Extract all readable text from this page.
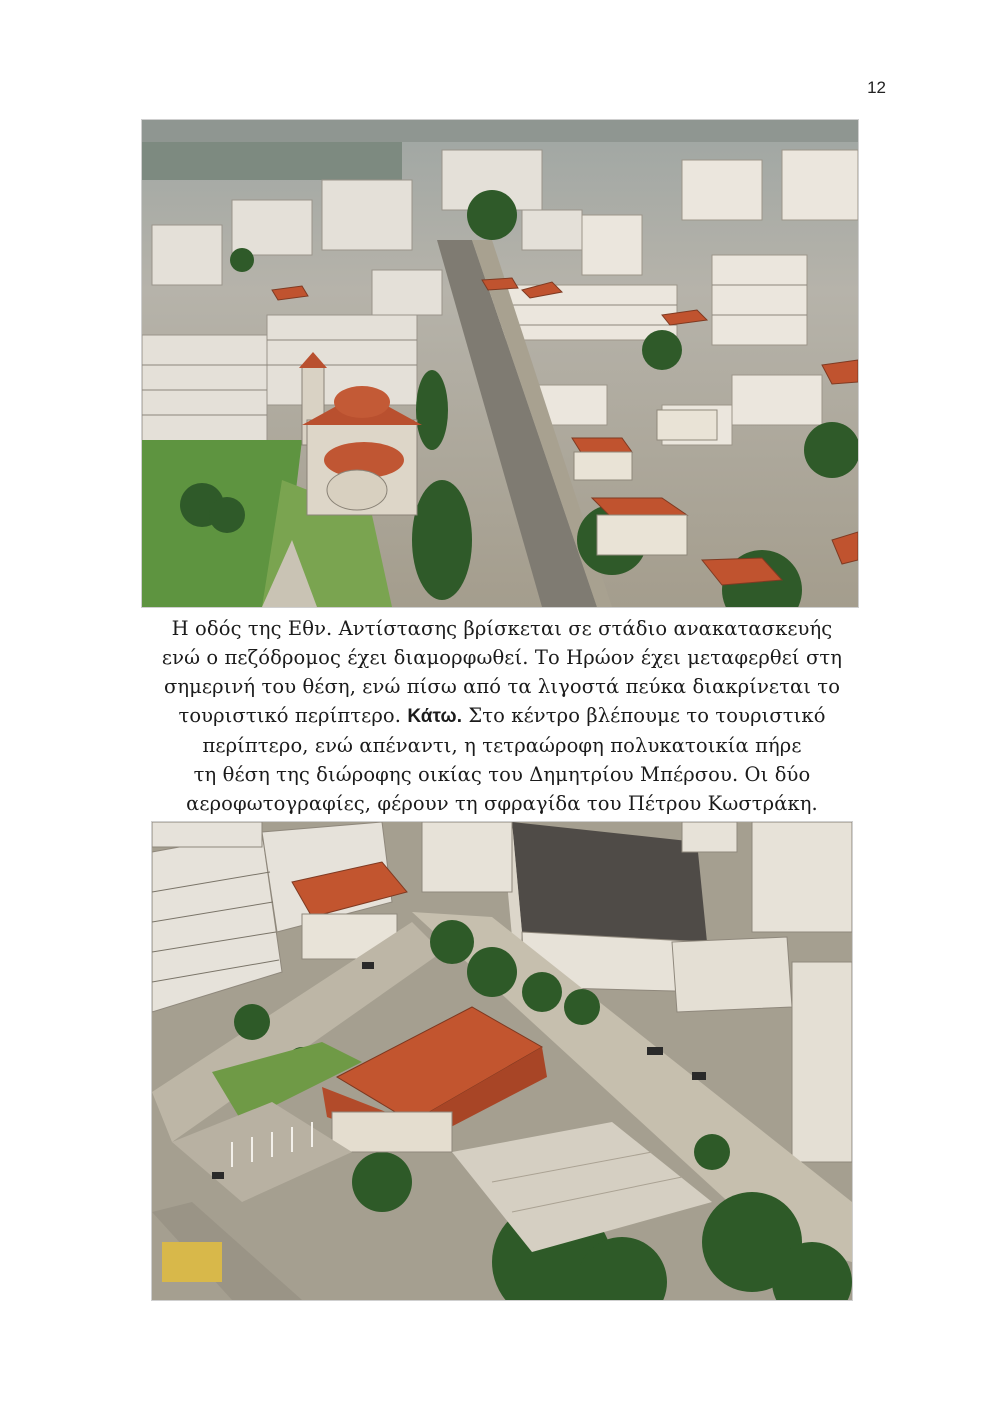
12
Η οδός της Εθν. Αντίστασης βρίσκεται σε στάδιο ανακατασκευής
ενώ ο πεζόδρομος έχει διαμορφωθεί. Το Ηρώον έχει μεταφερθεί στη
σημερινή του θέση, ενώ πίσω από τα λιγοστά πεύκα διακρίνεται το
τουριστικό περίπτερο. Κάτω. Στο κέντρο βλέπουμε το τουριστικό
περίπτερο, ενώ απέναντι, η τετραώροφη πολυκατοικία πήρε
τη θέση της διώροφης οικίας του Δημητρίου Μπέρσου. Οι δύο
αεροφωτογραφίες, φέρουν τη σφραγίδα του Πέτρου Κωστράκη.
